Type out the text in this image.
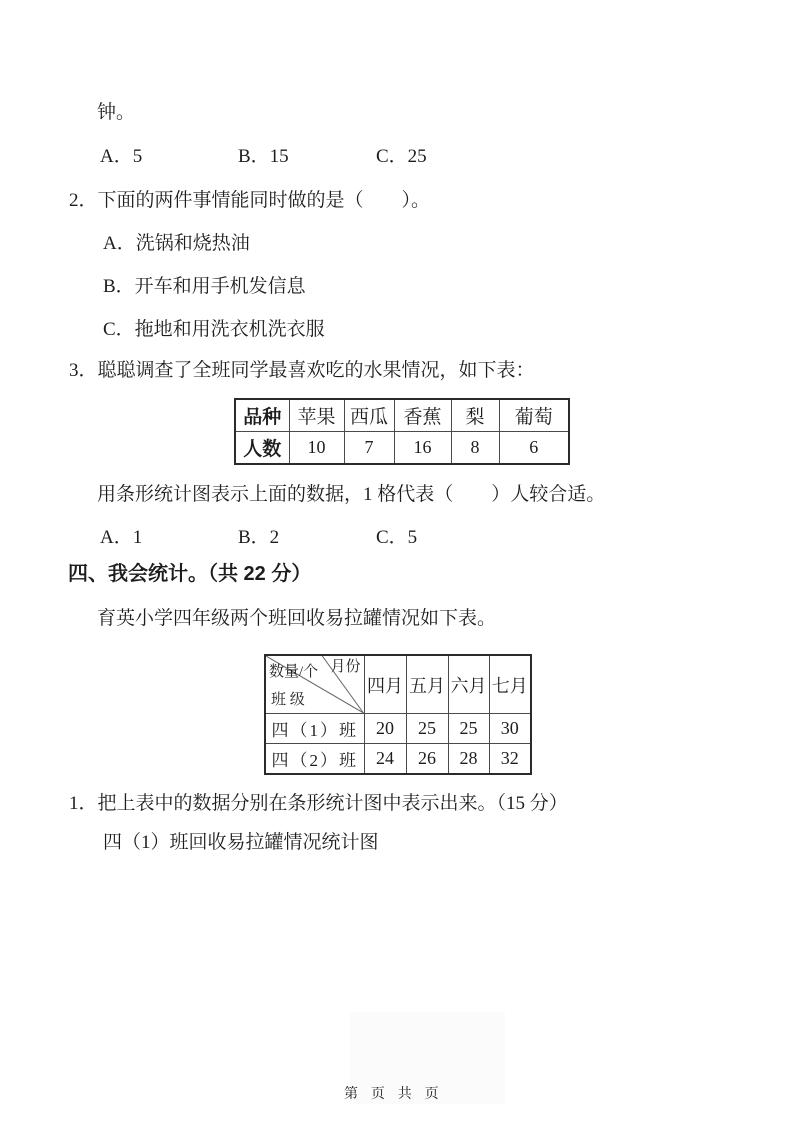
钟。
A．5	B．15	C．25
2．下面的两件事情能同时做的是（　　）。
A．洗锅和烧热油
B．开车和用手机发信息
C．拖地和用洗衣机洗衣服
3．聪聪调查了全班同学最喜欢吃的水果情况，如下表：
品种	苹果	西瓜	香蕉	梨	葡萄
人数	10	7	16	8	6
用条形统计图表示上面的数据，1 格代表（　　）人较合适。
A．1	B．2	C．5
四、我会统计。（共 22 分）
育英小学四年级两个班回收易拉罐情况如下表。
数量/个 月份
班 级	四月	五月	六月	七月
四（1）班	20	25	25	30
四（2）班	24	26	28	32
1．把上表中的数据分别在条形统计图中表示出来。（15 分）
四（1）班回收易拉罐情况统计图
第 页 共 页
